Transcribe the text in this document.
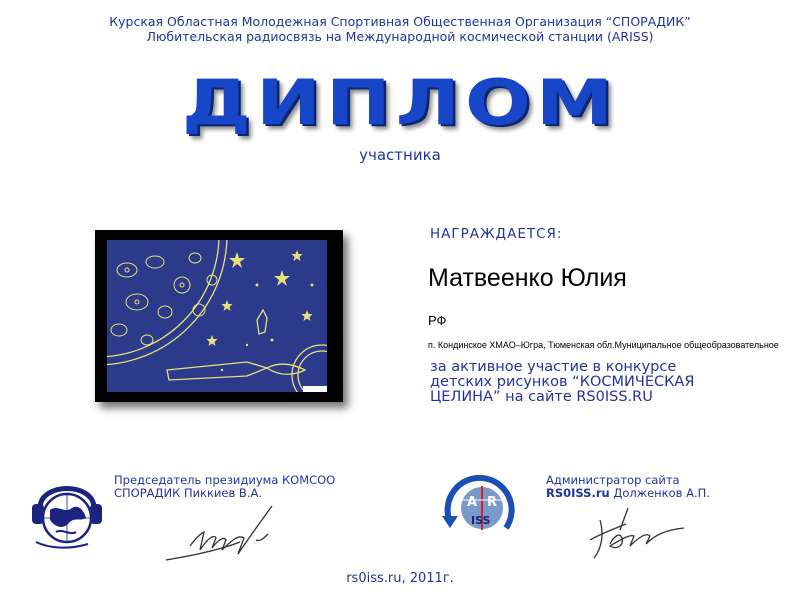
Курская Областная Молодежная Спортивная Общественная Организация “СПОРАДИК”
Любительская радиосвязь на Международной космической станции (ARISS)
ДИПЛОМ
участника
НАГРАЖДАЕТСЯ:
Матвеенко Юлия
РФ
п. Кондинское ХМАО–Югра, Тюменская обл.Муниципальное общеобразовательное
за активное участие в конкурсе
детских рисунков “КОСМИЧЕСКАЯ
ЦЕЛИНА” на сайте RS0ISS.RU
Председатель президиума КОМСОО
СПОРАДИК Пиккиев В.А.
A R
ISS
Администратор сайта
RS0ISS.ru Долженков А.П.
rs0iss.ru, 2011г.
